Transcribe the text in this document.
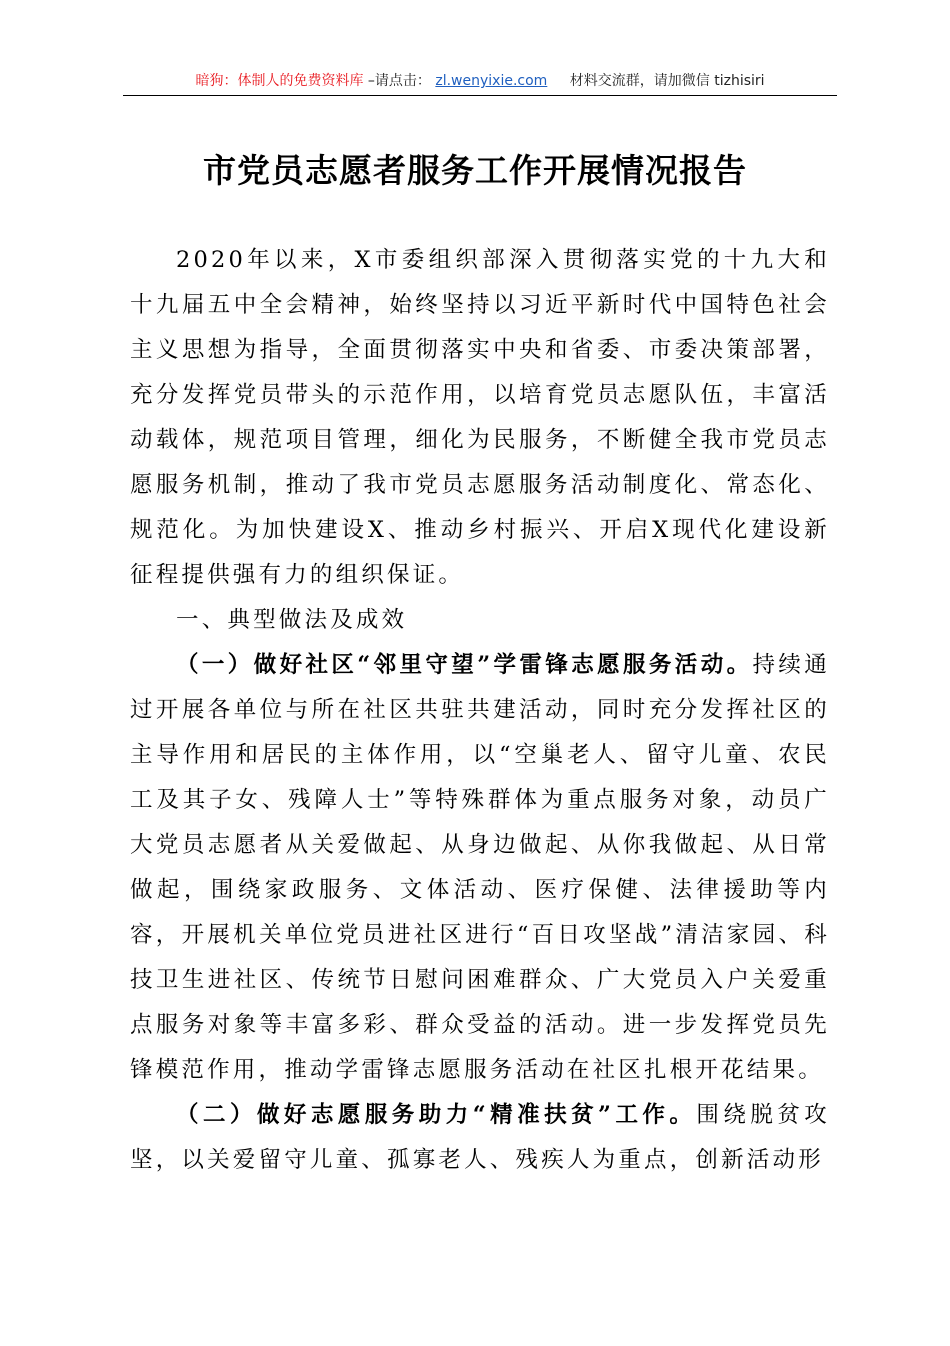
暗狗：体制人的免费资料库 –请点击： zl.wenyixie.com 材料交流群，请加微信 tizhisiri
市党员志愿者服务工作开展情况报告

2020年以来，X市委组织部深入贯彻落实党的十九大和十九届五中全会精神，始终坚持以习近平新时代中国特色社会主义思想为指导，全面贯彻落实中央和省委、市委决策部署，充分发挥党员带头的示范作用，以培育党员志愿队伍，丰富活动载体，规范项目管理，细化为民服务，不断健全我市党员志愿服务机制，推动了我市党员志愿服务活动制度化、常态化、规范化。为加快建设X、推动乡村振兴、开启X现代化建设新征程提供强有力的组织保证。

一、典型做法及成效

（一）做好社区“邻里守望”学雷锋志愿服务活动。持续通过开展各单位与所在社区共驻共建活动，同时充分发挥社区的主导作用和居民的主体作用，以“空巢老人、留守儿童、农民工及其子女、残障人士”等特殊群体为重点服务对象，动员广大党员志愿者从关爱做起、从身边做起、从你我做起、从日常做起，围绕家政服务、文体活动、医疗保健、法律援助等内容，开展机关单位党员进社区进行“百日攻坚战”清洁家园、科技卫生进社区、传统节日慰问困难群众、广大党员入户关爱重点服务对象等丰富多彩、群众受益的活动。进一步发挥党员先锋模范作用，推动学雷锋志愿服务活动在社区扎根开花结果。

（二）做好志愿服务助力“精准扶贫”工作。围绕脱贫攻坚，以关爱留守儿童、孤寡老人、残疾人为重点，创新活动形
